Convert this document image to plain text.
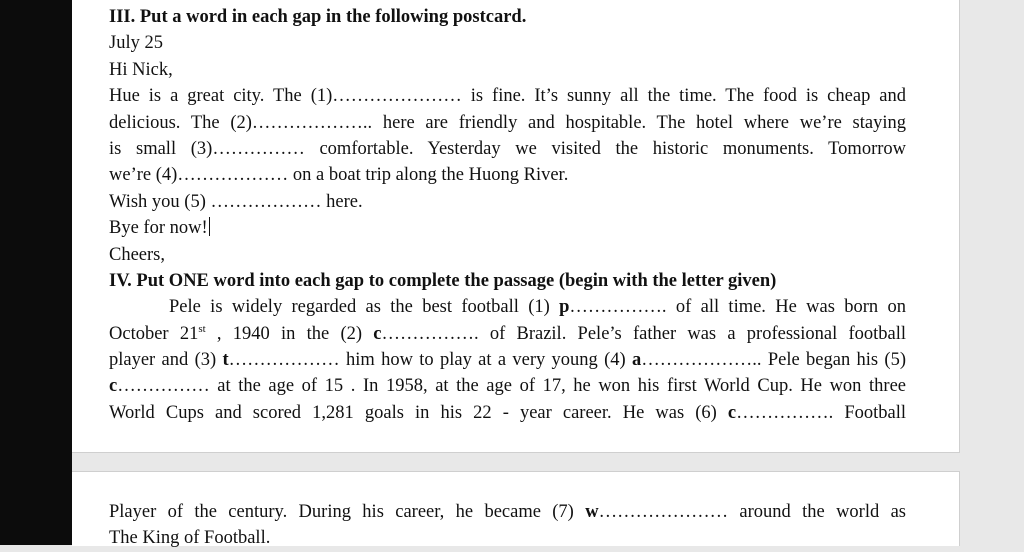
III. Put a word in each gap in the following postcard.
July 25
Hi Nick,
Hue is a great city. The (1)………………… is fine. It’s sunny all the time. The food is cheap and
delicious. The (2)……………….. here are friendly and hospitable. The hotel where we’re staying
is small (3)…………… comfortable. Yesterday we visited the historic monuments. Tomorrow
we’re (4)……………… on a boat trip along the Huong River.
Wish you (5) ……………… here.
Bye for now!
Cheers,
IV. Put ONE word into each gap to complete the passage (begin with the letter given)
Pele is widely regarded as the best football (1) p……………. of all time. He was born on
October 21st , 1940 in the (2) c……………. of Brazil. Pele’s father was a professional football
player and (3) t……………… him how to play at a very young (4) a……………….. Pele began his (5)
c…………… at the age of 15 . In 1958, at the age of 17, he won his first World Cup. He won three
World Cups and scored 1,281 goals in his 22 - year career. He was (6) c……………. Football
Player of the century. During his career, he became (7) w………………… around the world as
The King of Football.
